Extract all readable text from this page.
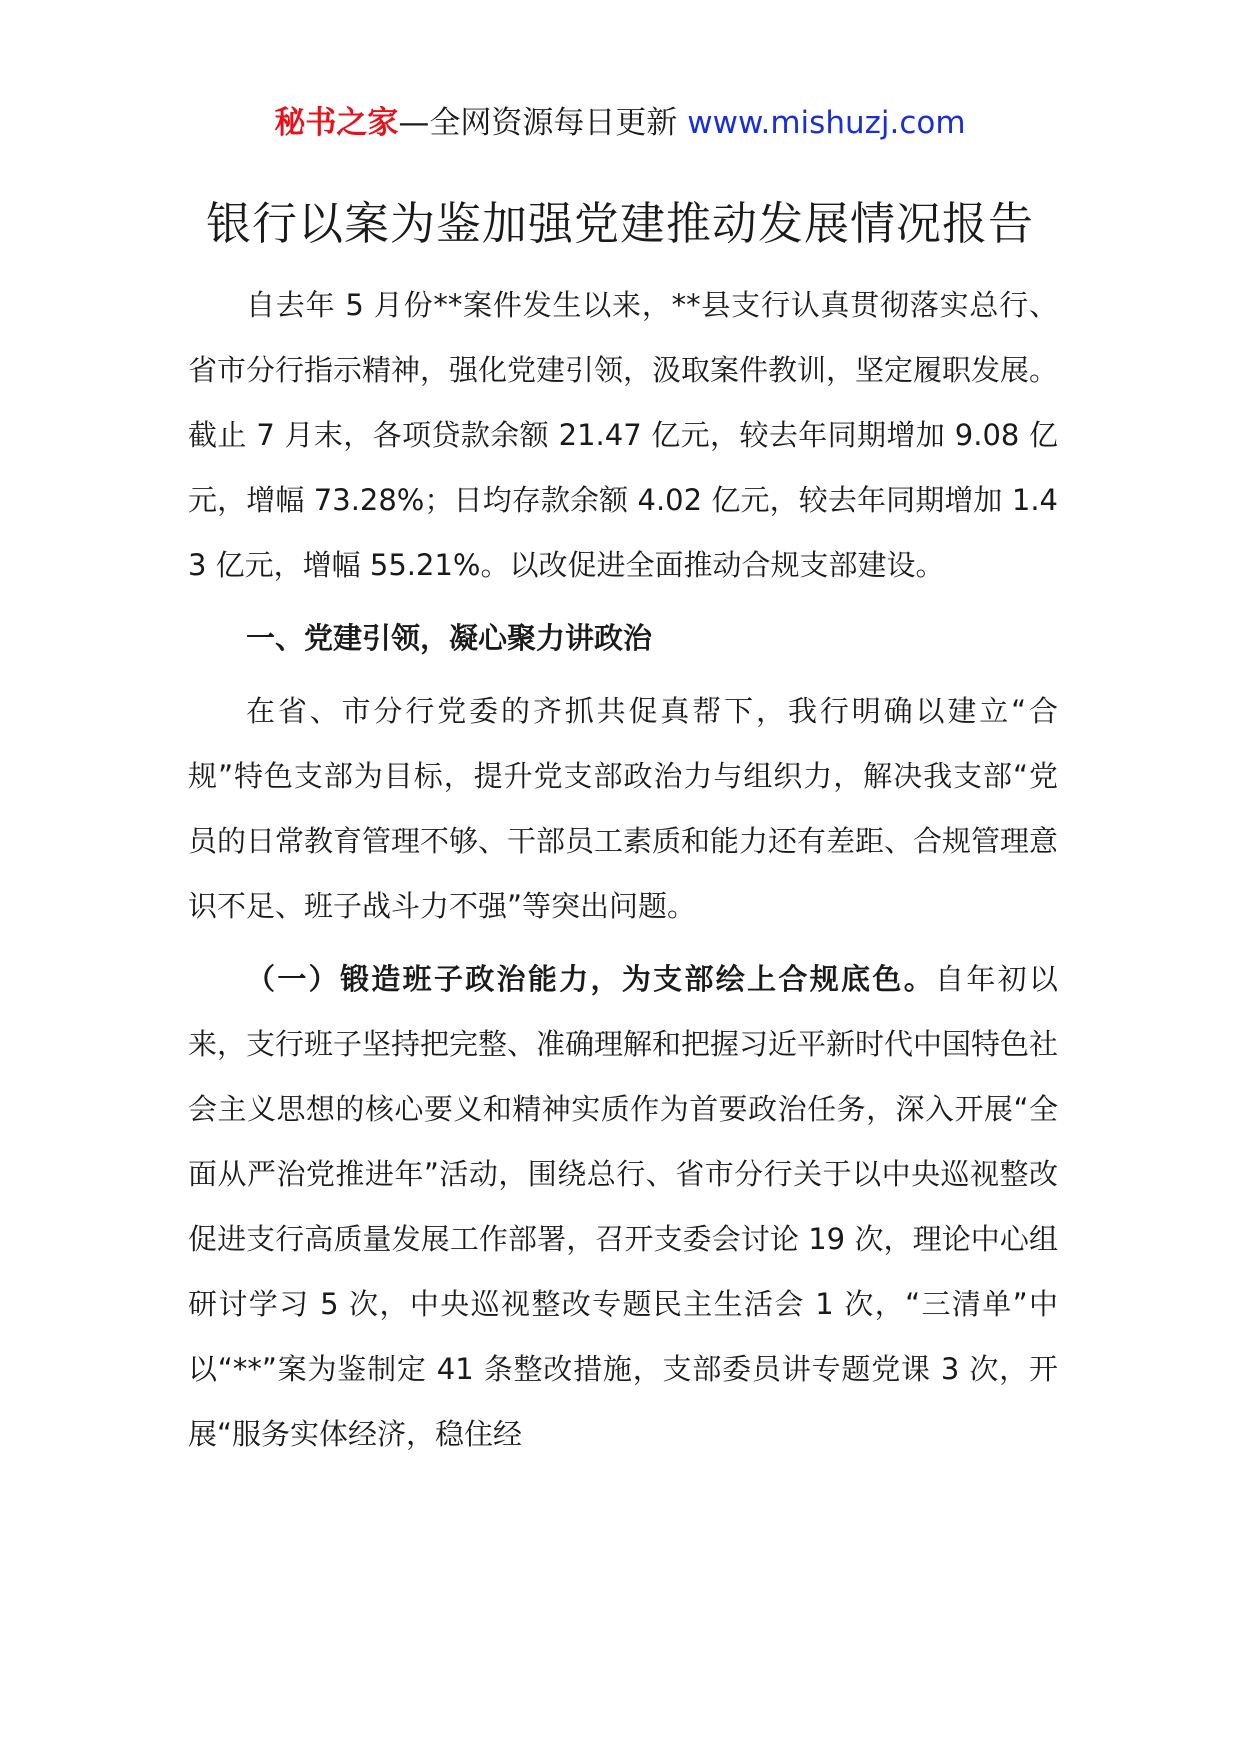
秘书之家—全网资源每日更新 www.mishuzj.com
银行以案为鉴加强党建推动发展情况报告

自去年 5 月份**案件发生以来，**县支行认真贯彻落实总行、省市分行指示精神，强化党建引领，汲取案件教训，坚定履职发展。截止 7 月末，各项贷款余额 21.47 亿元，较去年同期增加 9.08 亿元，增幅 73.28%；日均存款余额 4.02 亿元，较去年同期增加 1.43 亿元，增幅 55.21%。以改促进全面推动合规支部建设。

一、党建引领，凝心聚力讲政治

在省、市分行党委的齐抓共促真帮下，我行明确以建立“合规”特色支部为目标，提升党支部政治力与组织力，解决我支部“党员的日常教育管理不够、干部员工素质和能力还有差距、合规管理意识不足、班子战斗力不强”等突出问题。

（一）锻造班子政治能力，为支部绘上合规底色。自年初以来，支行班子坚持把完整、准确理解和把握习近平新时代中国特色社会主义思想的核心要义和精神实质作为首要政治任务，深入开展“全面从严治党推进年”活动，围绕总行、省市分行关于以中央巡视整改促进支行高质量发展工作部署，召开支委会讨论 19 次，理论中心组研讨学习 5 次，中央巡视整改专题民主生活会 1 次，“三清单”中以“**”案为鉴制定 41 条整改措施，支部委员讲专题党课 3 次，开展“服务实体经济，稳住经
